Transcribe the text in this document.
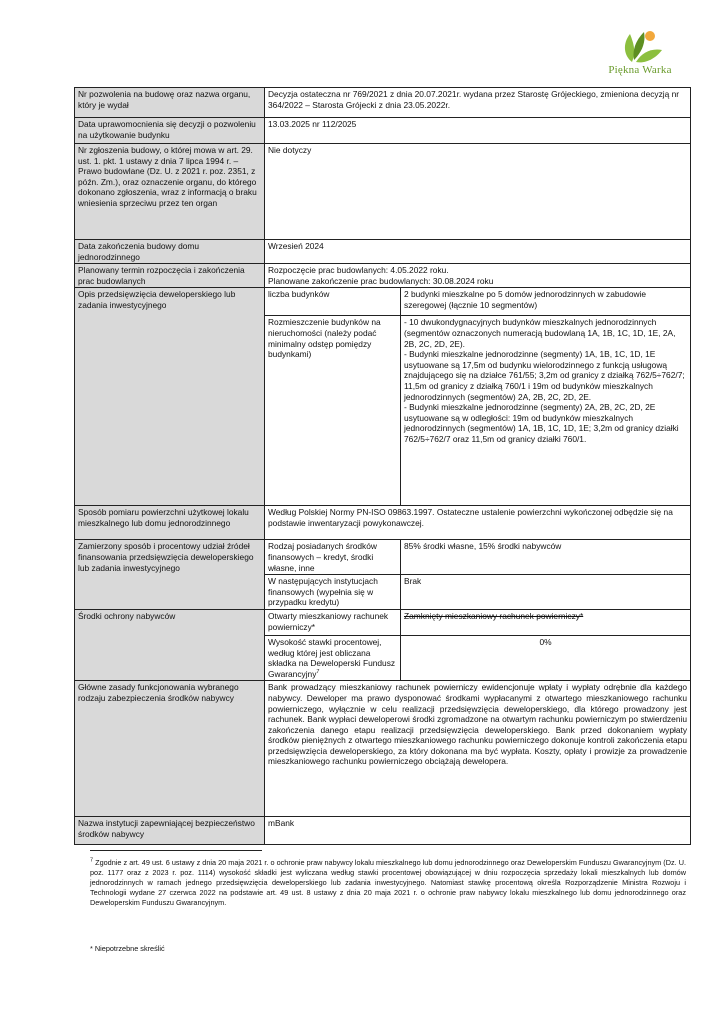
Piękna Warka
Nr pozwolenia na budowę oraz nazwa organu, który je wydał	Decyzja ostateczna nr 769/2021 z dnia 20.07.2021r. wydana przez Starostę Grójeckiego, zmieniona decyzją nr 364/2022 – Starosta Grójecki z dnia 23.05.2022r.	
Data uprawomocnienia się decyzji o pozwoleniu na użytkowanie budynku	13.03.2025 nr 112/2025	
Nr zgłoszenia budowy, o której mowa w art. 29. ust. 1. pkt. 1 ustawy z dnia 7 lipca 1994 r. – Prawo budowlane (Dz. U. z 2021 r. poz. 2351, z późn. Zm.), oraz oznaczenie organu, do którego dokonano zgłoszenia, wraz z informacją o braku wniesienia sprzeciwu przez ten organ	Nie dotyczy	
Data zakończenia budowy domu jednorodzinnego	Wrzesień 2024	
Planowany termin rozpoczęcia i zakończenia prac budowlanych	Rozpoczęcie prac budowlanych: 4.05.2022 roku.
Planowane zakończenie prac budowlanych: 30.08.2024 roku	

Opis przedsięwzięcia deweloperskiego lub zadania inwestycyjnego	liczba budynków	2 budynki mieszkalne po 5 domów jednorodzinnych w zabudowie szeregowej (łącznie 10 segmentów)
	Rozmieszczenie budynków na nieruchomości (należy podać minimalny odstęp pomiędzy budynkami)	- 10 dwukondygnacyjnych budynków mieszkalnych jednorodzinnych (segmentów oznaczonych numeracją budowlaną 1A, 1B, 1C, 1D, 1E, 2A, 2B, 2C, 2D, 2E).
- Budynki mieszkalne jednorodzinne (segmenty) 1A, 1B, 1C, 1D, 1E usytuowane są 17,5m od budynku wielorodzinnego z funkcją usługową znajdującego się na działce 761/55; 3,2m od granicy z działką 762/5÷762/7; 11,5m od granicy z działką 760/1 i 19m od budynków mieszkalnych jednorodzinnych (segmentów) 2A, 2B, 2C, 2D, 2E.
- Budynki mieszkalne jednorodzinne (segmenty) 2A, 2B, 2C, 2D, 2E usytuowane są w odległości: 19m od budynków mieszkalnych jednorodzinnych (segmentów) 1A, 1B, 1C, 1D, 1E; 3,2m od granicy działki 762/5÷762/7 oraz 11,5m od granicy działki 760/1.

Sposób pomiaru powierzchni użytkowej lokalu mieszkalnego lub domu jednorodzinnego	Według Polskiej Normy PN-ISO 09863.1997. Ostateczne ustalenie powierzchni wykończonej odbędzie się na podstawie inwentaryzacji powykonawczej.	
Zamierzony sposób i procentowy udział źródeł finansowania przedsięwzięcia deweloperskiego lub zadania inwestycyjnego	Rodzaj posiadanych środków finansowych – kredyt, środki własne, inne	85% środki własne, 15% środki nabywców
	W następujących instytucjach finansowych (wypełnia się w przypadku kredytu)	Brak
Środki ochrony nabywców	Otwarty mieszkaniowy rachunek powierniczy*	Zamknięty mieszkaniowy rachunek powierniczy*
	Wysokość stawki procentowej, według której jest obliczana składka na Deweloperski Fundusz Gwarancyjny$^7$	0%
Główne zasady funkcjonowania wybranego rodzaju zabezpieczenia środków nabywcy	Bank prowadzący mieszkaniowy rachunek powierniczy ewidencjonuje wpłaty i wypłaty odrębnie dla każdego nabywcy. Deweloper ma prawo dysponować środkami wypłacanymi z otwartego mieszkaniowego rachunku powierniczego, wyłącznie w celu realizacji przedsięwzięcia deweloperskiego, dla którego prowadzony jest rachunek. Bank wypłaci deweloperowi środki zgromadzone na otwartym rachunku powierniczym po stwierdzeniu zakończenia danego etapu realizacji przedsięwzięcia deweloperskiego. Bank przed dokonaniem wypłaty środków pieniężnych z otwartego mieszkaniowego rachunku powierniczego dokonuje kontroli zakończenia etapu przedsięwzięcia deweloperskiego, za który dokonana ma być wypłata. Koszty, opłaty i prowizje za prowadzenie mieszkaniowego rachunku powierniczego obciążają dewelopera.	
Nazwa instytucji zapewniającej bezpieczeństwo środków nabywcy	mBank	
$^7$ Zgodnie z art. 49 ust. 6 ustawy z dnia 20 maja 2021 r. o ochronie praw nabywcy lokalu mieszkalnego lub domu jednorodzinnego oraz Deweloperskim Funduszu Gwarancyjnym (Dz. U. poz. 1177 oraz z 2023 r. poz. 1114) wysokość składki jest wyliczana według stawki procentowej obowiązującej w dniu rozpoczęcia sprzedaży lokali mieszkalnych lub domów jednorodzinnych w ramach jednego przedsięwzięcia deweloperskiego lub zadania inwestycyjnego. Natomiast stawkę procentową określa Rozporządzenie Ministra Rozwoju i Technologii wydane 27 czerwca 2022 na podstawie art. 49 ust. 8 ustawy z dnia 20 maja 2021 r. o ochronie praw nabywcy lokalu mieszkalnego lub domu jednorodzinnego oraz Deweloperskim Funduszu Gwarancyjnym.
* Niepotrzebne skreślić
